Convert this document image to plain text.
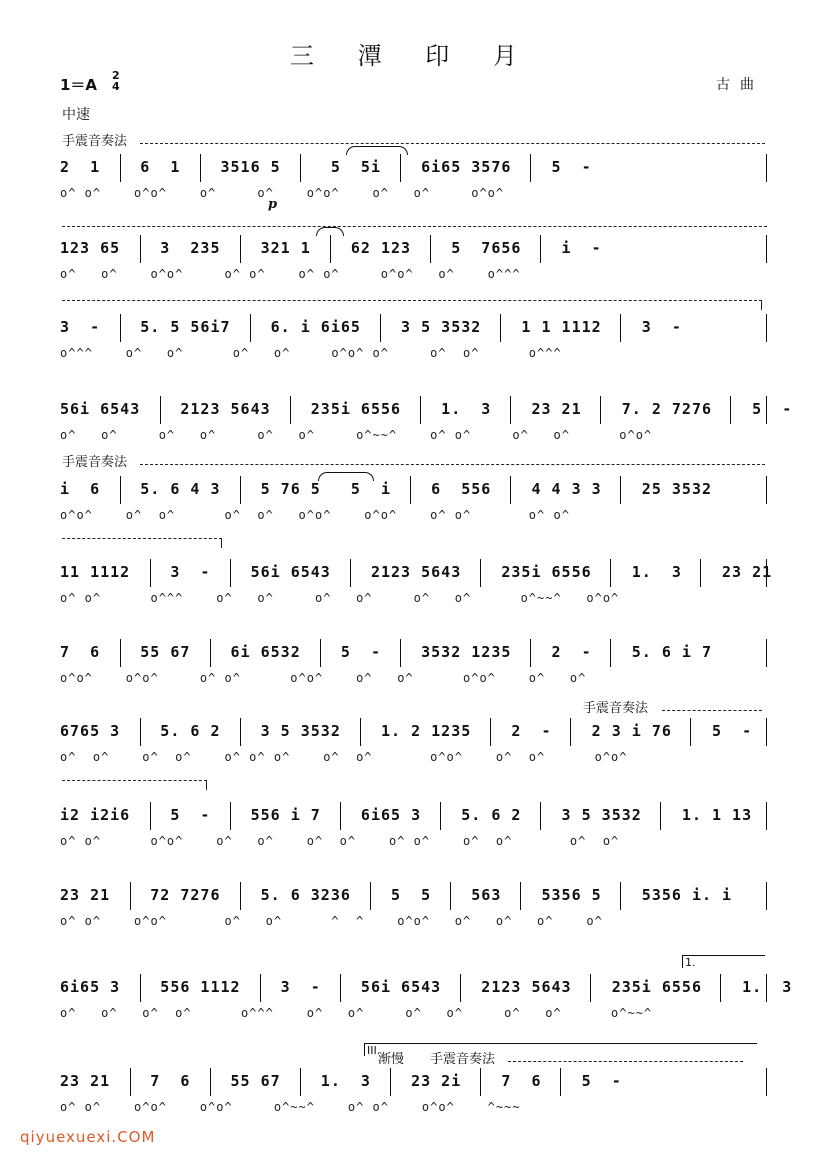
三 潭 印 月
1＝A
2
4	古曲
中速
手震音奏法
手震音奏法
手震音奏法
1.
III.
渐慢 手震音奏法
p
2  1    6  1    3516 5     5  5i    6i65 3576    5  -
o^ o^    o^o^    o^     o^    o^o^    o^   o^     o^o^
123 65    3  235    321 1    62 123    5  7656    i  -
o^   o^    o^o^     o^ o^    o^ o^     o^o^   o^    o^^^
3  -    5. 5 56i7    6. i 6i65    3 5 3532    1 1 1112    3  -
o^^^    o^   o^      o^   o^     o^o^ o^     o^  o^      o^^^
56i 6543    2123 5643    235i 6556    1.  3    23 21    7. 2 7276    5  -
o^   o^     o^   o^     o^   o^     o^~~^    o^ o^     o^   o^      o^o^
i  6    5. 6 4 3    5 76 5   5  i    6  556    4 4 3 3    25 3532
o^o^    o^  o^      o^  o^   o^o^    o^o^    o^ o^       o^ o^
11 1112    3  -    56i 6543    2123 5643    235i 6556    1.  3    23 21
o^ o^      o^^^    o^   o^     o^   o^     o^   o^      o^~~^   o^o^
7  6    55 67    6i 6532    5  -    3532 1235    2  -    5. 6 i 7
o^o^    o^o^     o^ o^      o^o^    o^   o^      o^o^    o^   o^
6765 3    5. 6 2    3 5 3532    1. 2 1235    2  -    2 3 i 76    5  -
o^  o^    o^  o^    o^ o^ o^    o^  o^       o^o^    o^  o^      o^o^
i2 i2i6    5  -    556 i 7    6i65 3    5. 6 2    3 5 3532    1. 1 13
o^ o^      o^o^    o^   o^    o^  o^    o^ o^    o^  o^       o^  o^
23 21    72 7276    5. 6 3236    5  5    563    5356 5    5356 i. i
o^ o^    o^o^       o^   o^      ^  ^    o^o^   o^   o^   o^    o^
6i65 3    556 1112    3  -    56i 6543    2123 5643    235i 6556    1.  3
o^   o^   o^  o^      o^^^    o^   o^     o^   o^     o^   o^      o^~~^
23 21    7  6    55 67    1.  3    23 2i    7  6    5  -
o^ o^    o^o^    o^o^     o^~~^    o^ o^    o^o^    ^~~~
qiyuexuexi.COM
